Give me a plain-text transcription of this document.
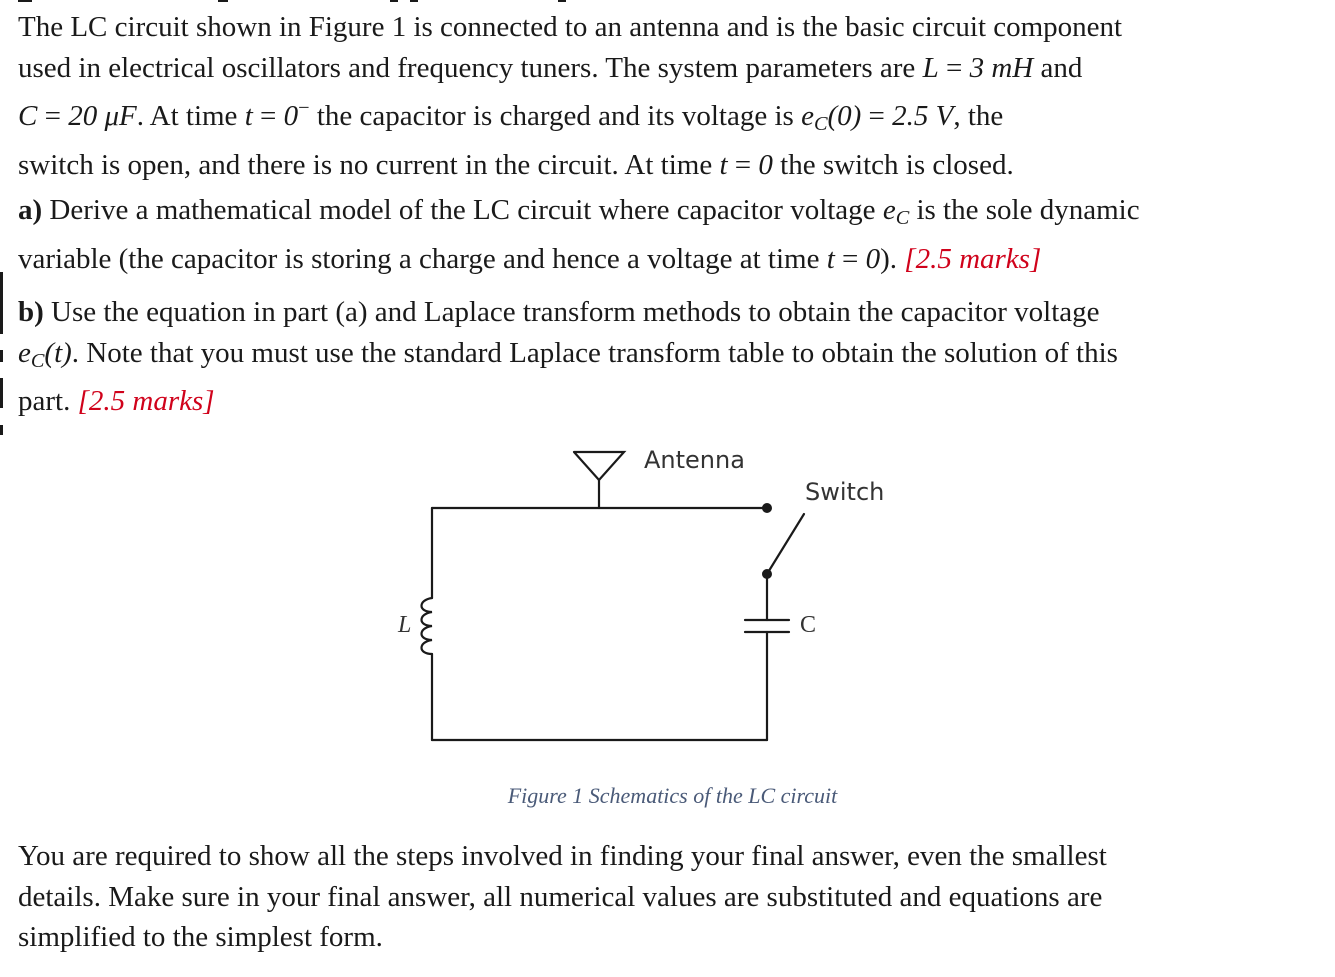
The LC circuit shown in Figure 1 is connected to an antenna and is the basic circuit component
used in electrical oscillators and frequency tuners. The system parameters are L = 3 mH and
C = 20 μF. At time t = 0− the capacitor is charged and its voltage is $e_C(0) = 2.5$ V, the
switch is open, and there is no current in the circuit. At time t = 0 the switch is closed.
a) Derive a mathematical model of the LC circuit where capacitor voltage $e_C$ is the sole dynamic
variable (the capacitor is storing a charge and hence a voltage at time t = 0). [2.5 marks]
b) Use the equation in part (a) and Laplace transform methods to obtain the capacitor voltage
$e_C(t)$. Note that you must use the standard Laplace transform table to obtain the solution of this
part. [2.5 marks]
Antenna
Switch
L	C
Figure 1 Schematics of the LC circuit
You are required to show all the steps involved in finding your final answer, even the smallest
details. Make sure in your final answer, all numerical values are substituted and equations are
simplified to the simplest form.
